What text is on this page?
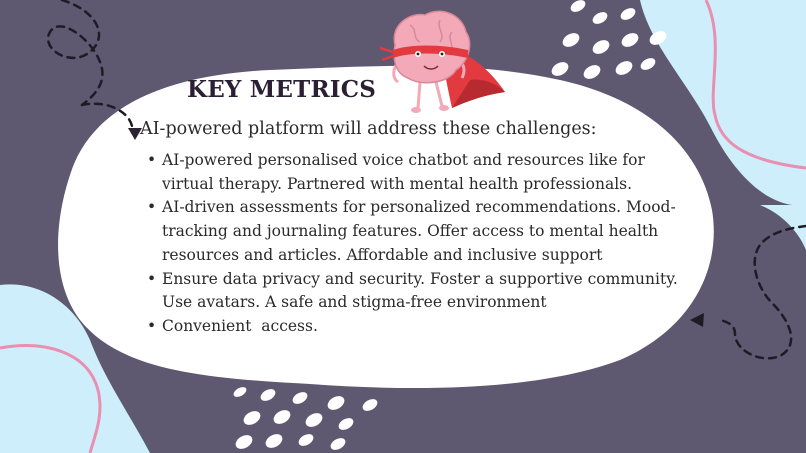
KEY METRICS

AI-powered platform will address these challenges:

• AI-powered personalised voice chatbot and resources like for virtual therapy. Partnered with mental health professionals.
• AI-driven assessments for personalized recommendations. Mood-tracking and journaling features. Offer access to mental health resources and articles. Affordable and inclusive support
• Ensure data privacy and security. Foster a supportive community. Use avatars. A safe and stigma-free environment
• Convenient  access.
